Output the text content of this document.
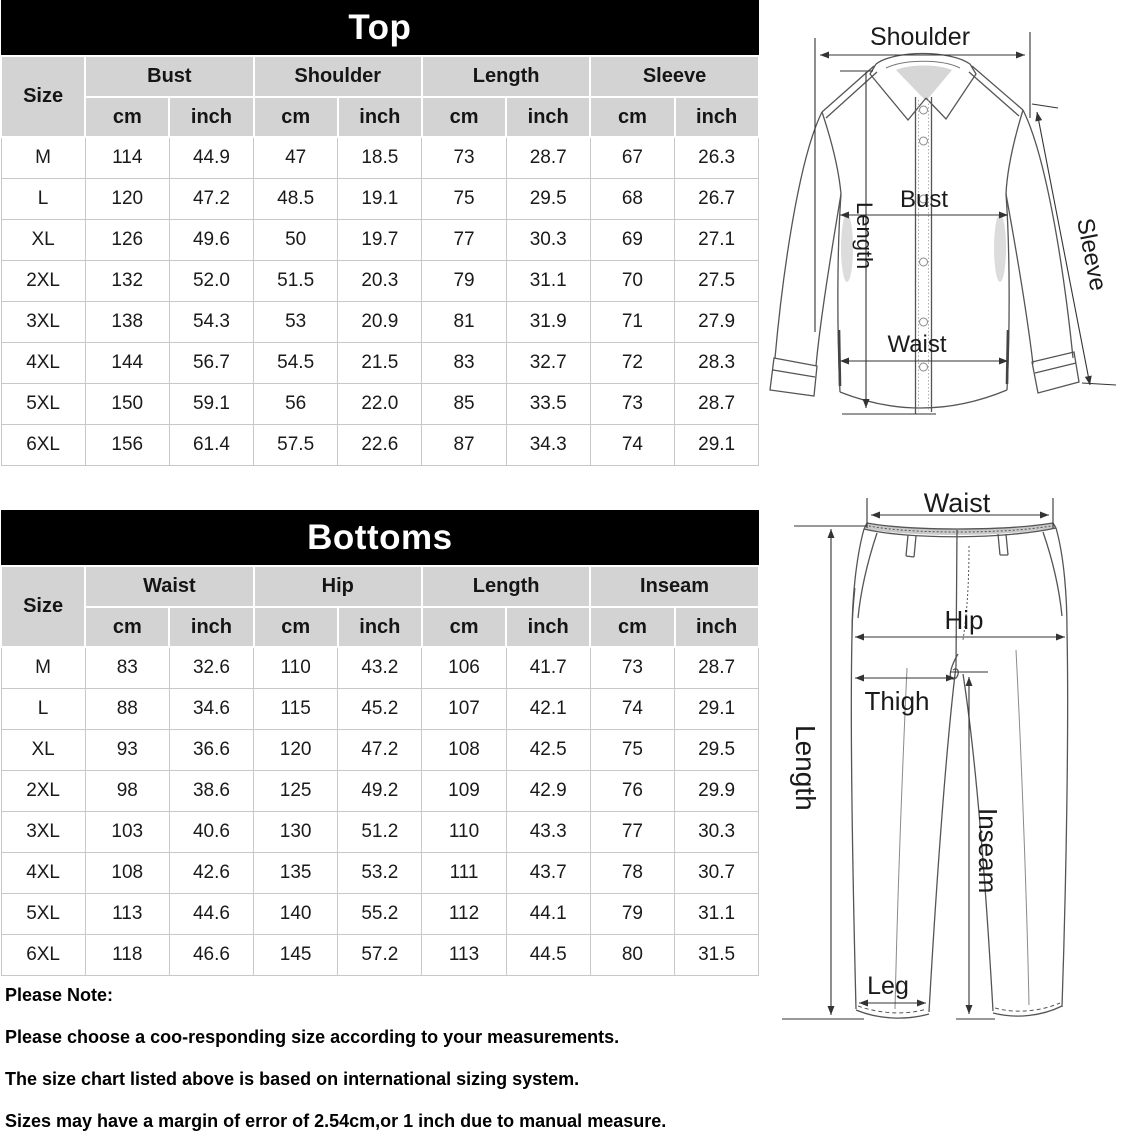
Top								
Size	Bust		Shoulder		Length		Sleeve	
	cm	inch	cm	inch	cm	inch	cm	inch
M	114	44.9	47	18.5	73	28.7	67	26.3
L	120	47.2	48.5	19.1	75	29.5	68	26.7
XL	126	49.6	50	19.7	77	30.3	69	27.1
2XL	132	52.0	51.5	20.3	79	31.1	70	27.5
3XL	138	54.3	53	20.9	81	31.9	71	27.9
4XL	144	56.7	54.5	21.5	83	32.7	72	28.3
5XL	150	59.1	56	22.0	85	33.5	73	28.7
6XL	156	61.4	57.5	22.6	87	34.3	74	29.1
Bottoms								
Size	Waist		Hip		Length		Inseam	
	cm	inch	cm	inch	cm	inch	cm	inch
M	83	32.6	110	43.2	106	41.7	73	28.7
L	88	34.6	115	45.2	107	42.1	74	29.1
XL	93	36.6	120	47.2	108	42.5	75	29.5
2XL	98	38.6	125	49.2	109	42.9	76	29.9
3XL	103	40.6	130	51.2	110	43.3	77	30.3
4XL	108	42.6	135	53.2	111	43.7	78	30.7
5XL	113	44.6	140	55.2	112	44.1	79	31.1
6XL	118	46.6	145	57.2	113	44.5	80	31.5
Shoulder
Bust
Waist
Length	Sleeve
Waist
Hip
Thigh
Length
Inseam
Leg

Please Note:

Please choose a coo-responding size according to your measurements.

The size chart listed above is based on international sizing system.

Sizes may have a margin of error of 2.54cm,or 1 inch due to manual measure.
